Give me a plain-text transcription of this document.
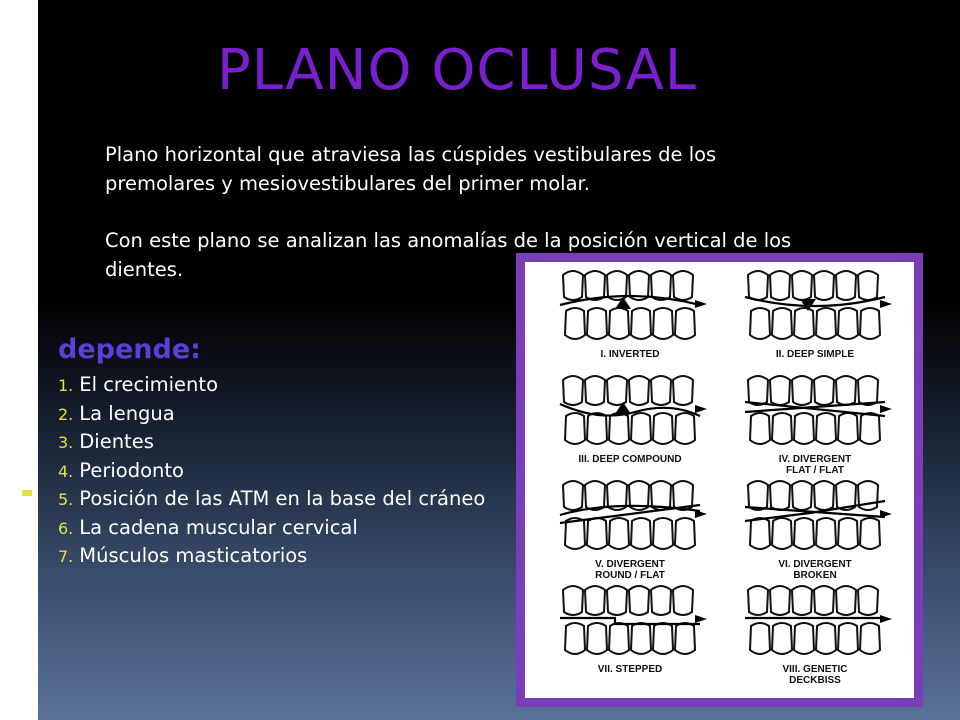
PLANO OCLUSAL

Plano horizontal que atraviesa las cúspides vestibulares de los premolares y mesiovestibulares del primer molar.

Con este plano se analizan las anomalías de la posición vertical de los dientes.

depende:
1. El crecimiento
2. La lengua
3. Dientes
4. Periodonto
5. Posición de las ATM en la base del cráneo
6. La cadena muscular cervical
7. Músculos masticatorios
I. INVERTED	II. DEEP SIMPLE
III. DEEP COMPOUND	IV. DIVERGENT
FLAT / FLAT
V. DIVERGENT
ROUND / FLAT
VI. DIVERGENT
BROKEN
VII. STEPPED	VIII. GENETIC
DECKBISS
